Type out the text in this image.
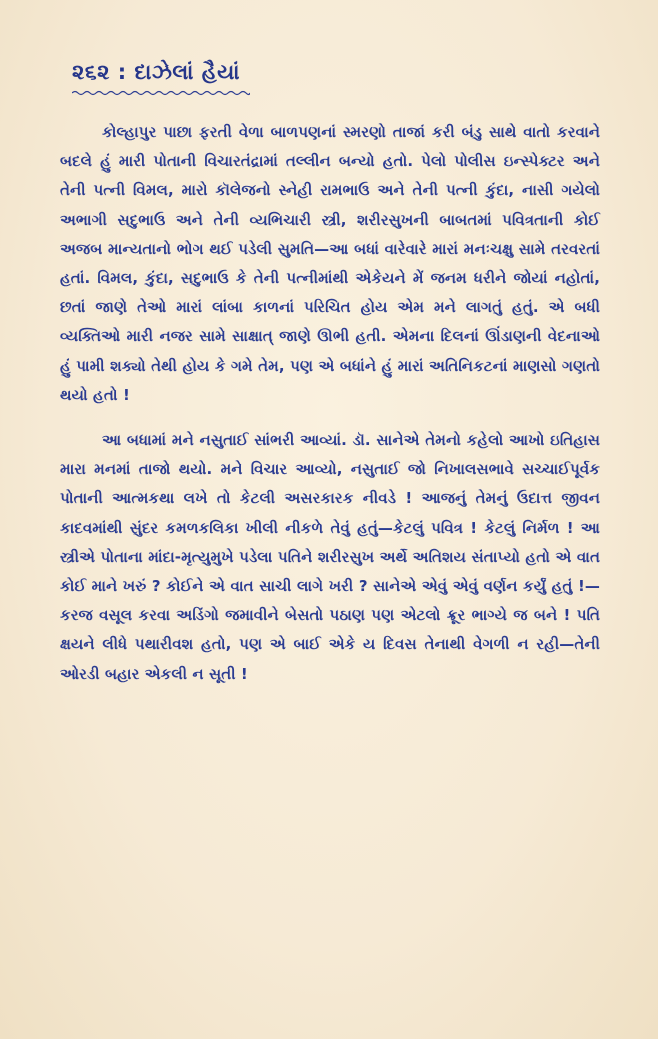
૨૬૨ : દાઝેલાં હૈયાં

કોલ્હાપુર પાછા ફરતી વેળા બાળપણનાં સ્મરણો તાજાં કરી બંડુ સાથે વાતો કરવાને બદલે હું મારી પોતાની વિચારતંદ્રામાં તલ્લીન બન્યો હતો. પેલો પોલીસ ઇન્સ્પેક્ટર અને તેની પત્ની વિમલ, મારો કૉલેજનો સ્નેહી રામભાઉ અને તેની પત્ની કુંદા, નાસી ગયેલો અભાગી સદુભાઉ અને તેની વ્યભિચારી સ્ત્રી, શરીરસુખની બાબતમાં પવિત્રતાની કોઈ અજબ માન્યતાનો ભોગ થઈ પડેલી સુમતિ—આ બધાં વારેવારે મારાં મનઃચક્ષુ સામે તરવરતાં હતાં. વિમલ, કુંદા, સદુભાઉ કે તેની પત્નીમાંથી એકેયને મેં જનમ ધરીને જોયાં નહોતાં, છતાં જાણે તેઓ મારાં લાંબા કાળનાં પરિચિત હોય એમ મને લાગતું હતું. એ બધી વ્યક્તિઓ મારી નજર સામે સાક્ષાત્ જાણે ઊભી હતી. એમના દિલનાં ઊંડાણની વેદનાઓ હું પામી શક્યો તેથી હોય કે ગમે તેમ, પણ એ બધાંને હું મારાં અતિનિકટનાં માણસો ગણતો થયો હતો !

આ બધામાં મને નસુતાઈ સાંભરી આવ્યાં. ડૉ. સાનેએ તેમનો કહેલો આખો ઇતિહાસ મારા મનમાં તાજો થયો. મને વિચાર આવ્યો, નસુતાઈ જો નિખાલસભાવે સચ્ચાઈપૂર્વક પોતાની આત્મકથા લખે તો કેટલી અસરકારક નીવડે ! આજનું તેમનું ઉદાત્ત જીવન કાદવમાંથી સુંદર કમળકલિકા ખીલી નીકળે તેવું હતું—કેટલું પવિત્ર ! કેટલું નિર્મળ ! આ સ્ત્રીએ પોતાના માંદા-મૃત્યુમુખે પડેલા પતિને શરીરસુખ અર્થે અતિશય સંતાપ્યો હતો એ વાત કોઈ માને ખરું ? કોઈને એ વાત સાચી લાગે ખરી ? સાનેએ એવું એવું વર્ણન કર્યું હતું !—કરજ વસૂલ કરવા અડિંગો જમાવીને બેસતો પઠાણ પણ એટલો ક્રૂર ભાગ્યે જ બને ! પતિ ક્ષયને લીધે પથારીવશ હતો, પણ એ બાઈ એકે ય દિવસ તેનાથી વેગળી ન રહી—તેની ઓરડી બહાર એકલી ન સૂતી !
